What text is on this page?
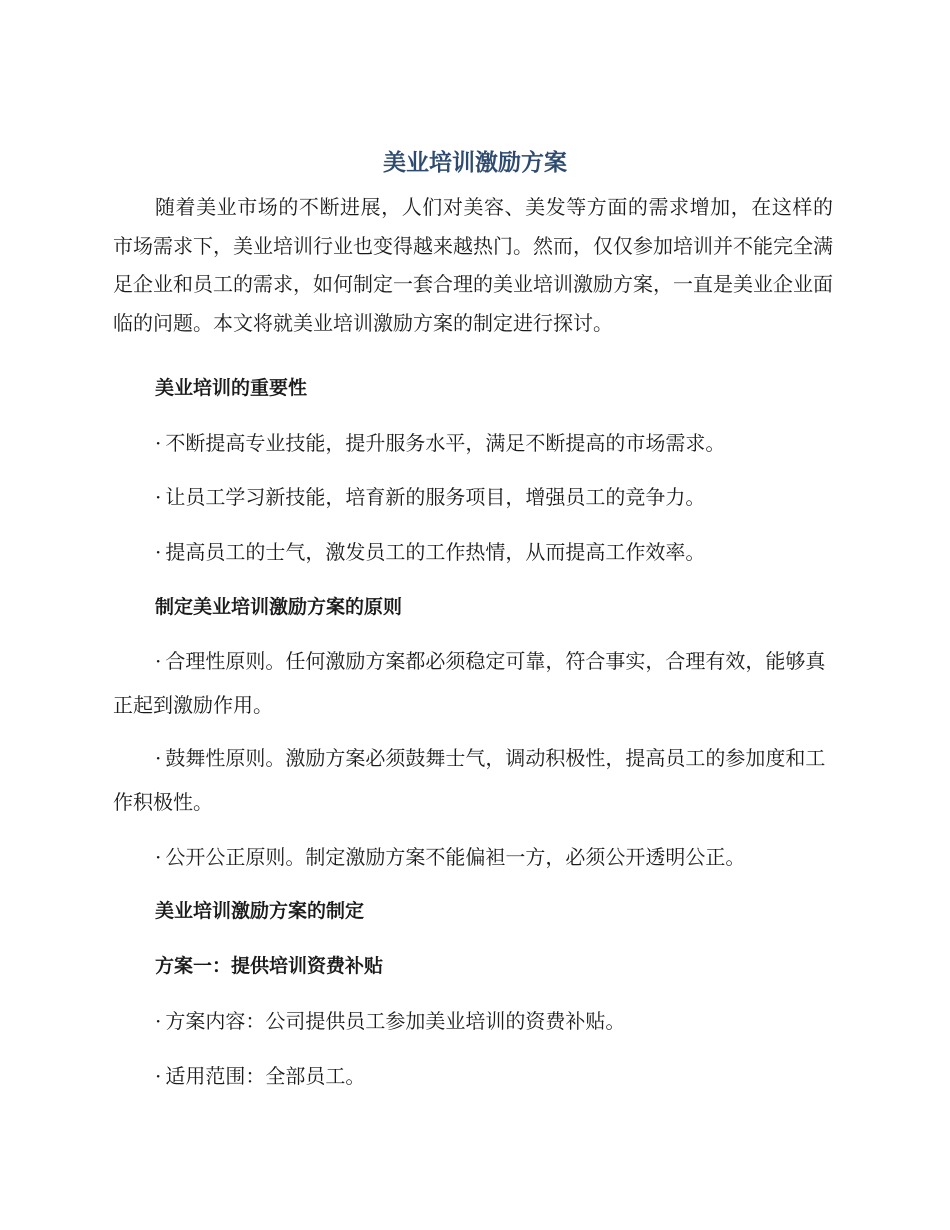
美业培训激励方案

随着美业市场的不断进展，人们对美容、美发等方面的需求增加，在这样的市场需求下，美业培训行业也变得越来越热门。然而，仅仅参加培训并不能完全满足企业和员工的需求，如何制定一套合理的美业培训激励方案，一直是美业企业面临的问题。本文将就美业培训激励方案的制定进行探讨。

美业培训的重要性
· 不断提高专业技能，提升服务水平，满足不断提高的市场需求。
· 让员工学习新技能，培育新的服务项目，增强员工的竞争力。
· 提高员工的士气，激发员工的工作热情，从而提高工作效率。
制定美业培训激励方案的原则
· 合理性原则。任何激励方案都必须稳定可靠，符合事实，合理有效，能够真正起到激励作用。
· 鼓舞性原则。激励方案必须鼓舞士气，调动积极性，提高员工的参加度和工作积极性。
· 公开公正原则。制定激励方案不能偏袒一方，必须公开透明公正。
美业培训激励方案的制定
方案一：提供培训资费补贴
· 方案内容：公司提供员工参加美业培训的资费补贴。
· 适用范围：全部员工。
